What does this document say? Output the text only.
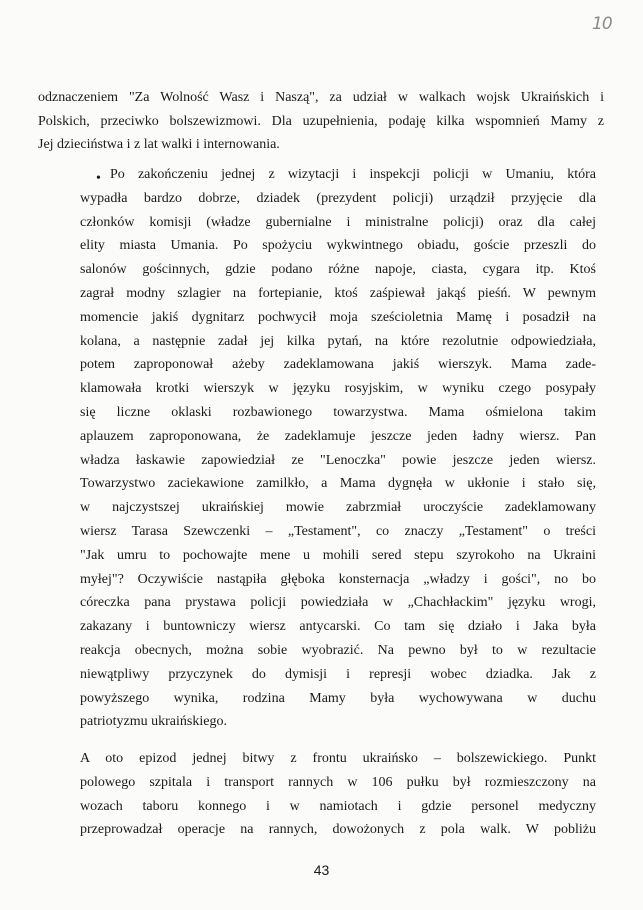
10
odznaczeniem "Za Wolność Wasz i Naszą", za udział w walkach wojsk Ukraińskich i
Polskich, przeciwko bolszewizmowi. Dla uzupełnienia, podaję kilka wspomnień Mamy z
Jej dzieciństwa i z lat walki i internowania.
• Po zakończeniu jednej z wizytacji i inspekcji policji w Umaniu, która
wypadła bardzo dobrze, dziadek (prezydent policji) urządził przyjęcie dla
członków komisji (władze gubernialne i ministralne policji) oraz dla całej
elity miasta Umania. Po spożyciu wykwintnego obiadu, goście przeszli do
salonów gościnnych, gdzie podano różne napoje, ciasta, cygara itp. Ktoś
zagrał modny szlagier na fortepianie, ktoś zaśpiewał jakąś pieśń. W pewnym
momencie jakiś dygnitarz pochwycił moja sześcioletnia Mamę i posadził na
kolana, a następnie zadał jej kilka pytań, na które rezolutnie odpowiedziała,
potem zaproponował ażeby zadeklamowana jakiś wierszyk. Mama zade-
klamowała krotki wierszyk w języku rosyjskim, w wyniku czego posypały
się liczne oklaski rozbawionego towarzystwa. Mama ośmielona takim
aplauzem zaproponowana, że zadeklamuje jeszcze jeden ładny wiersz. Pan
władza łaskawie zapowiedział ze "Lenoczka" powie jeszcze jeden wiersz.
Towarzystwo zaciekawione zamilkło, a Mama dygnęła w ukłonie i stało się,
w najczystszej ukraińskiej mowie zabrzmiał uroczyście zadeklamowany
wiersz Tarasa Szewczenki – „Testament", co znaczy „Testament" o treści
"Jak umru to pochowajte mene u mohili sered stepu szyrokoho na Ukraini
myłej"? Oczywiście nastąpiła głęboka konsternacja „władzy i gości", no bo
córeczka pana prystawa policji powiedziała w „Chachłackim" języku wrogi,
zakazany i buntowniczy wiersz antycarski. Co tam się działo i Jaka była
reakcja obecnych, można sobie wyobrazić. Na pewno był to w rezultacie
niewątpliwy przyczynek do dymisji i represji wobec dziadka. Jak z
powyższego wynika, rodzina Mamy była wychowywana w duchu
patriotyzmu ukraińskiego.
A oto epizod jednej bitwy z frontu ukraińsko – bolszewickiego. Punkt
polowego szpitala i transport rannych w 106 pułku był rozmieszczony na
wozach taboru konnego i w namiotach i gdzie personel medyczny
przeprowadzał operacje na rannych, dowożonych z pola walk. W pobliżu
43
